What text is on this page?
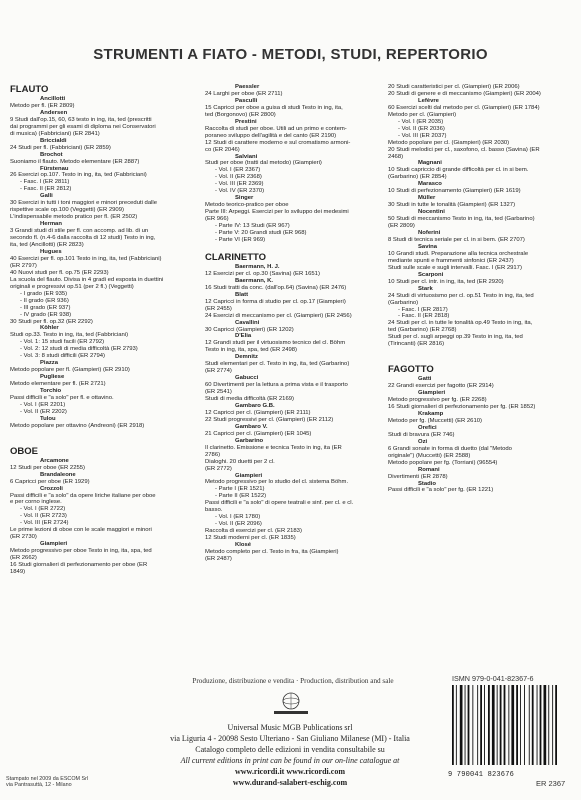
STRUMENTI A FIATO - METODI, STUDI, REPERTORIO
FLAUTO
Ancillotti
Metodo per fl. (ER 2809)
Andersen
9 Studi dall'op.15, 60, 63 testo in ing, ita, ted (prescritti
dai programmi per gli esami di diploma nei Conservatori
di musica) (Fabbriciani) (ER 2841)
Briccialdi
24 Studi per fl. (Fabbriciani) (ER 2859)
Brochot
Suoniamo il flauto. Metodo elementare (ER 2887)
Fürstenau
26 Esercizi op.107. Testo in ing, ita, ted (Fabbriciani)
- Fasc. I (ER 2811)
- Fasc. II (ER 2812)
Galli
30 Esercizi in tutti i toni maggiori e minori preceduti dalle
rispettive scale op.100 (Veggetti) (ER 2909)
L'indispensabile metodo pratico per fl. (ER 2502)
Herman
3 Grandi studi di stile per fl. con accomp. ad lib. di un
secondo fl. (n.4-6 dalla raccolta di 12 studi) Testo in ing,
ita, ted (Ancillotti) (ER 2823)
Hugues
40 Esercizi per fl. op.101 Testo in ing, ita, ted (Fabbriciani)
(ER 2797)
40 Nuovi studi per fl. op.75 (ER 2293)
La scuola del flauto. Divisa in 4 gradi ed esposta in duettini
originali e progressivi op.51 (per 2 fl.) (Veggetti)
- I grado (ER 935)
- II grado (ER 936)
- III grado (ER 937)
- IV grado (ER 938)
30 Studi per fl. op.32 (ER 2292)
Köhler
Studi op.33. Testo in ing, ita, ted (Fabbriciani)
- Vol. 1: 15 studi facili (ER 2792)
- Vol. 2: 12 studi di media difficoltà (ER 2793)
- Vol. 3: 8 studi difficili (ER 2794)
Piazza
Metodo popolare per fl. (Giampieri) (ER 2910)
Pugliese
Metodo elementare per fl. (ER 2721)
Torchio
Passi difficili e "a solo" per fl. e ottavino.
- Vol. I (ER 2201)
- Vol. II (ER 2202)
Tulou
Metodo popolare per ottavino (Andreoni) (ER 2918)
OBOE
Arcamone
12 Studi per oboe (ER 2255)
Brandaleone
6 Capricci per oboe (ER 1929)
Crozzoli
Passi difficili e "a solo" da opere liriche italiane per oboe
e per corno inglese.
- Vol. I (ER 2722)
- Vol. II (ER 2723)
- Vol. III (ER 2724)
Le prime lezioni di oboe con le scale maggiori e minori
(ER 2730)
Giampieri
Metodo progressivo per oboe Testo in ing, ita, spa, ted
(ER 2662)
16 Studi giornalieri di perfezionamento per oboe (ER
1849)
Paessler
24 Larghi per oboe (ER 2711)
Pasculli
15 Capricci per oboe a guisa di studi Testo in ing, ita,
ted (Borgonovo) (ER 2800)
Prestini
Raccolta di studi per oboe. Utili ad un primo e contem-
poraneo sviluppo dell'agilità e del canto (ER 2190)
12 Studi di carattere moderno e sul cromatismo armoni-
co (ER 2046)
Salviani
Studi per oboe (tratti dal metodo) (Giampieri)
- Vol. I (ER 2367)
- Vol. II (ER 2368)
- Vol. III (ER 2369)
- Vol. IV (ER 2370)
Singer
Metodo teorico-pratico per oboe
Parte III: Arpeggi. Esercizi per lo sviluppo dei medesimi
(ER 966)
- Parte IV: 13 Studi (ER 967)
- Parte V: 20 Grandi studi (ER 968)
- Parte VI (ER 969)
CLARINETTO
Baermann, H. J.
12 Esercizi per cl. op.30 (Savina) (ER 1651)
Baermann, K.
16 Studi tratti da conc. (dall'op.64) (Savina) (ER 2476)
Blatt
12 Capricci in forma di studio per cl. op.17 (Giampieri)
(ER 2455)
24 Esercizi di meccanismo per cl. (Giampieri) (ER 2456)
Cavallini
30 Capricci (Giampieri) (ER 1202)
D'Elia
12 Grandi studi per il virtuosismo tecnico del cl. Böhm
Testo in ing, ita, spa, ted (ER 2498)
Demnitz
Studi elementari per cl. Testo in ing, ita, ted (Garbarino)
(ER 2774)
Gabucci
60 Divertimenti per la lettura a prima vista e il trasporto
(ER 2541)
Studi di media difficoltà (ER 2169)
Gambaro G.B.
12 Capricci per cl. (Giampieri) (ER 2111)
22 Studi progressivi per cl. (Giampieri) (ER 2112)
Gambaro V.
21 Capricci per cl. (Giampieri) (ER 1045)
Garbarino
Il clarinetto. Emissione e tecnica Testo in ing, ita (ER
2786)
Dialoghi. 20 duetti per 2 cl.
(ER 2772)
Giampieri
Metodo progressivo per lo studio del cl. sistema Böhm.
- Parte I (ER 1521)
- Parte II (ER 1522)
Passi difficili e "a solo" di opere teatrali e sinf. per cl. e cl.
basso.
- Vol. I (ER 1780)
- Vol. II (ER 2096)
Raccolta di esercizi per cl. (ER 2183)
12 Studi moderni per cl. (ER 1835)
Klosé
Metodo completo per cl. Testo in fra, ita (Giampieri)
(ER 2487)
20 Studi caratteristici per cl. (Giampieri) (ER 2006)
20 Studi di genere e di meccanismo (Giampieri) (ER 2004)
Lefèvre
60 Esercizi scelti dal metodo per cl. (Giampieri) (ER 1784)
Metodo per cl. (Giampieri)
- Vol. I (ER 2035)
- Vol. II (ER 2036)
- Vol. III (ER 2037)
Metodo popolare per cl. (Giampieri) (ER 2030)
20 Studi melodici per cl., saxofono, cl. basso (Savina) (ER
2468)
Magnani
10 Studi capriccio di grande difficoltà per cl. in si bem.
(Garbarino) (ER 2854)
Marasco
10 Studi di perfezionamento (Giampieri) (ER 1619)
Müller
30 Studi in tutte le tonalità (Giampieri) (ER 1327)
Nocentini
50 Studi di meccanismo Testo in ing, ita, ted (Garbarino)
(ER 2809)
Noferini
8 Studi di tecnica seriale per cl. in si bem. (ER 2707)
Savina
10 Grandi studi. Preparazione alla tecnica orchestrale
mediante spunti e frammenti sinfonici (ER 2437)
Studi sulle scale e sugli intervalli. Fasc. I (ER 2917)
Scarponi
10 Studi per cl. intr. in ing, ita, ted (ER 2920)
Stark
24 Studi di virtuosismo per cl. op.51 Testo in ing, ita, ted
(Garbarino)
- Fasc. I (ER 2817)
- Fasc. II (ER 2818)
24 Studi per cl. in tutte le tonalità op.49 Testo in ing, ita,
ted (Garbarino) (ER 2768)
Studi per cl. sugli arpeggi op.39 Testo in ing, ita, ted
(Tirincanti) (ER 2816)
FAGOTTO
Gatti
22 Grandi esercizi per fagotto (ER 2914)
Giampieri
Metodo progressivo per fg. (ER 2268)
16 Studi giornalieri di perfezionamento per fg. (ER 1852)
Krakamp
Metodo per fg. (Muccetti) (ER 2610)
Orefici
Studi di bravura (ER 746)
Ozi
6 Grandi sonate in forma di duetto (dal "Metodo
originale") (Muccetti) (ER 2588)
Metodo popolare per fg. (Torriani) (96554)
Romani
Divertimenti (ER 2878)
Stadio
Passi difficili e "a solo" per fg. (ER 1221)
Produzione, distribuzione e vendita · Production, distribution and sale
Universal Music MGB Publications srl
via Liguria 4 - 20098 Sesto Ulteriano - San Giuliano Milanese (MI) - Italia
Catalogo completo delle edizioni in vendita consultabile su
All current editions in print can be found in our on-line catalogue at
www.ricordi.it www.ricordi.com
www.durand-salabert-eschig.com
ISMN 979-0-041-82367-6
9 790041 823676
ER 2367
Stampato nel 2009 da ESCOM Srl
via Pantrasuttà, 12 - Milano
